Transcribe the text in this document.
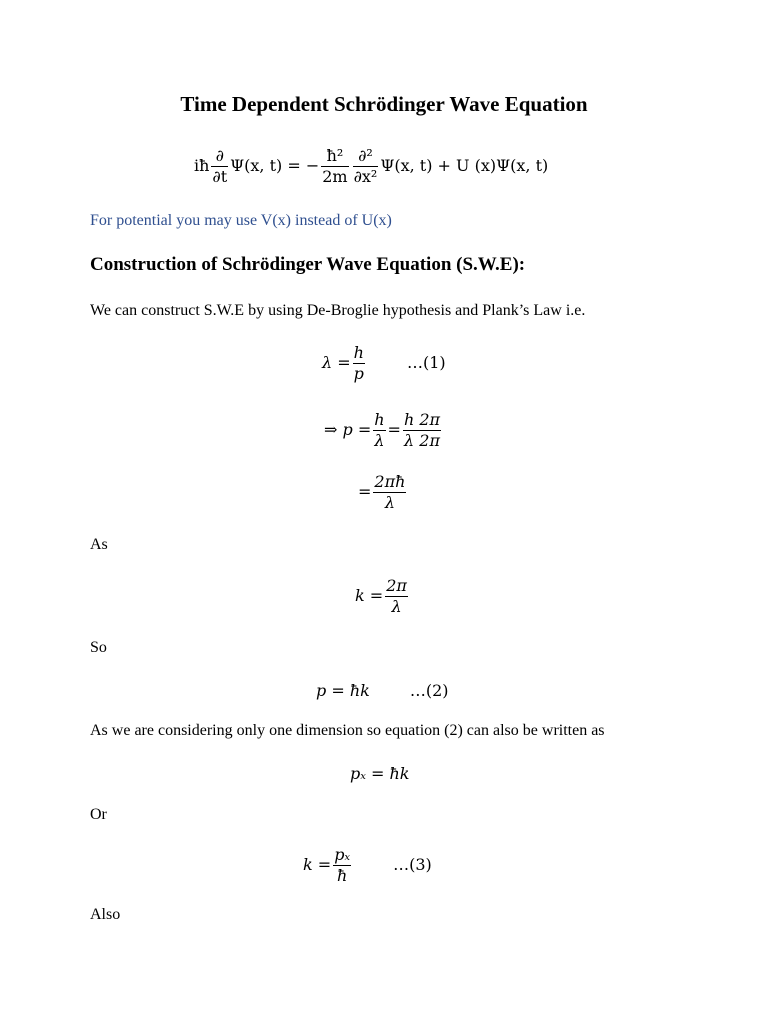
Time Dependent Schrödinger Wave Equation
iħ $\frac{\partial}{\partial t} \Psi(x$, t) = − $\frac{\text{ħ²}}{2m} \frac{\text{∂²}}{\text{∂x²}} \Psi(x$, t) + U (x)Ψ(x, t)
For potential you may use V(x) instead of U(x)
Construction of Schrödinger Wave Equation (S.W.E):
We can construct S.W.E by using De-Broglie hypothesis and Plank’s Law i.e.
$\lambda = \frac{h}{p}$	…(1)
⇒ $p = \frac{h}{\lambda} = \frac{h 2\pi}{\lambda 2\pi}$
= $\frac{2\pi ħ}{\lambda}$
As
$k = \frac{2\pi}{\lambda}$
So
p = ħk	…(2)
As we are considering only one dimension so equation (2) can also be written as
pₓ = ħk
Or
$k = \frac{\text{pₓ}}{ħ}$	…(3)
Also
